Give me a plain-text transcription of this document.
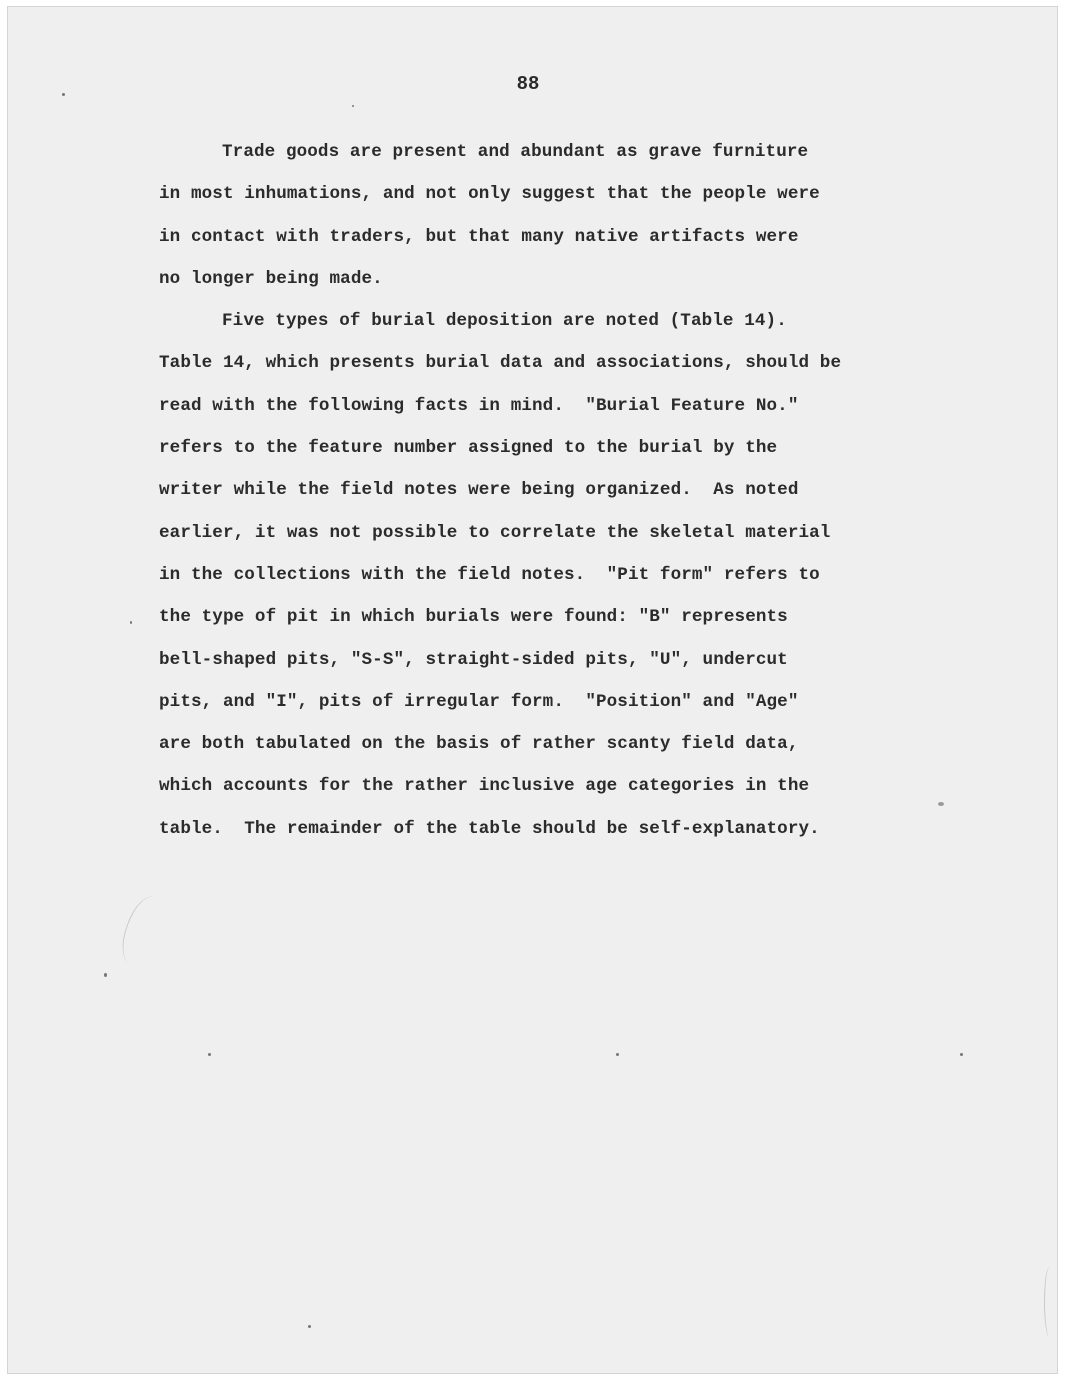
88
Trade goods are present and abundant as grave furniture
in most inhumations, and not only suggest that the people were
in contact with traders, but that many native artifacts were
no longer being made.
Five types of burial deposition are noted (Table 14).
Table 14, which presents burial data and associations, should be
read with the following facts in mind.  "Burial Feature No."
refers to the feature number assigned to the burial by the
writer while the field notes were being organized.  As noted
earlier, it was not possible to correlate the skeletal material
in the collections with the field notes.  "Pit form" refers to
the type of pit in which burials were found: "B" represents
bell-shaped pits, "S-S", straight-sided pits, "U", undercut
pits, and "I", pits of irregular form.  "Position" and "Age"
are both tabulated on the basis of rather scanty field data,
which accounts for the rather inclusive age categories in the
table.  The remainder of the table should be self-explanatory.
